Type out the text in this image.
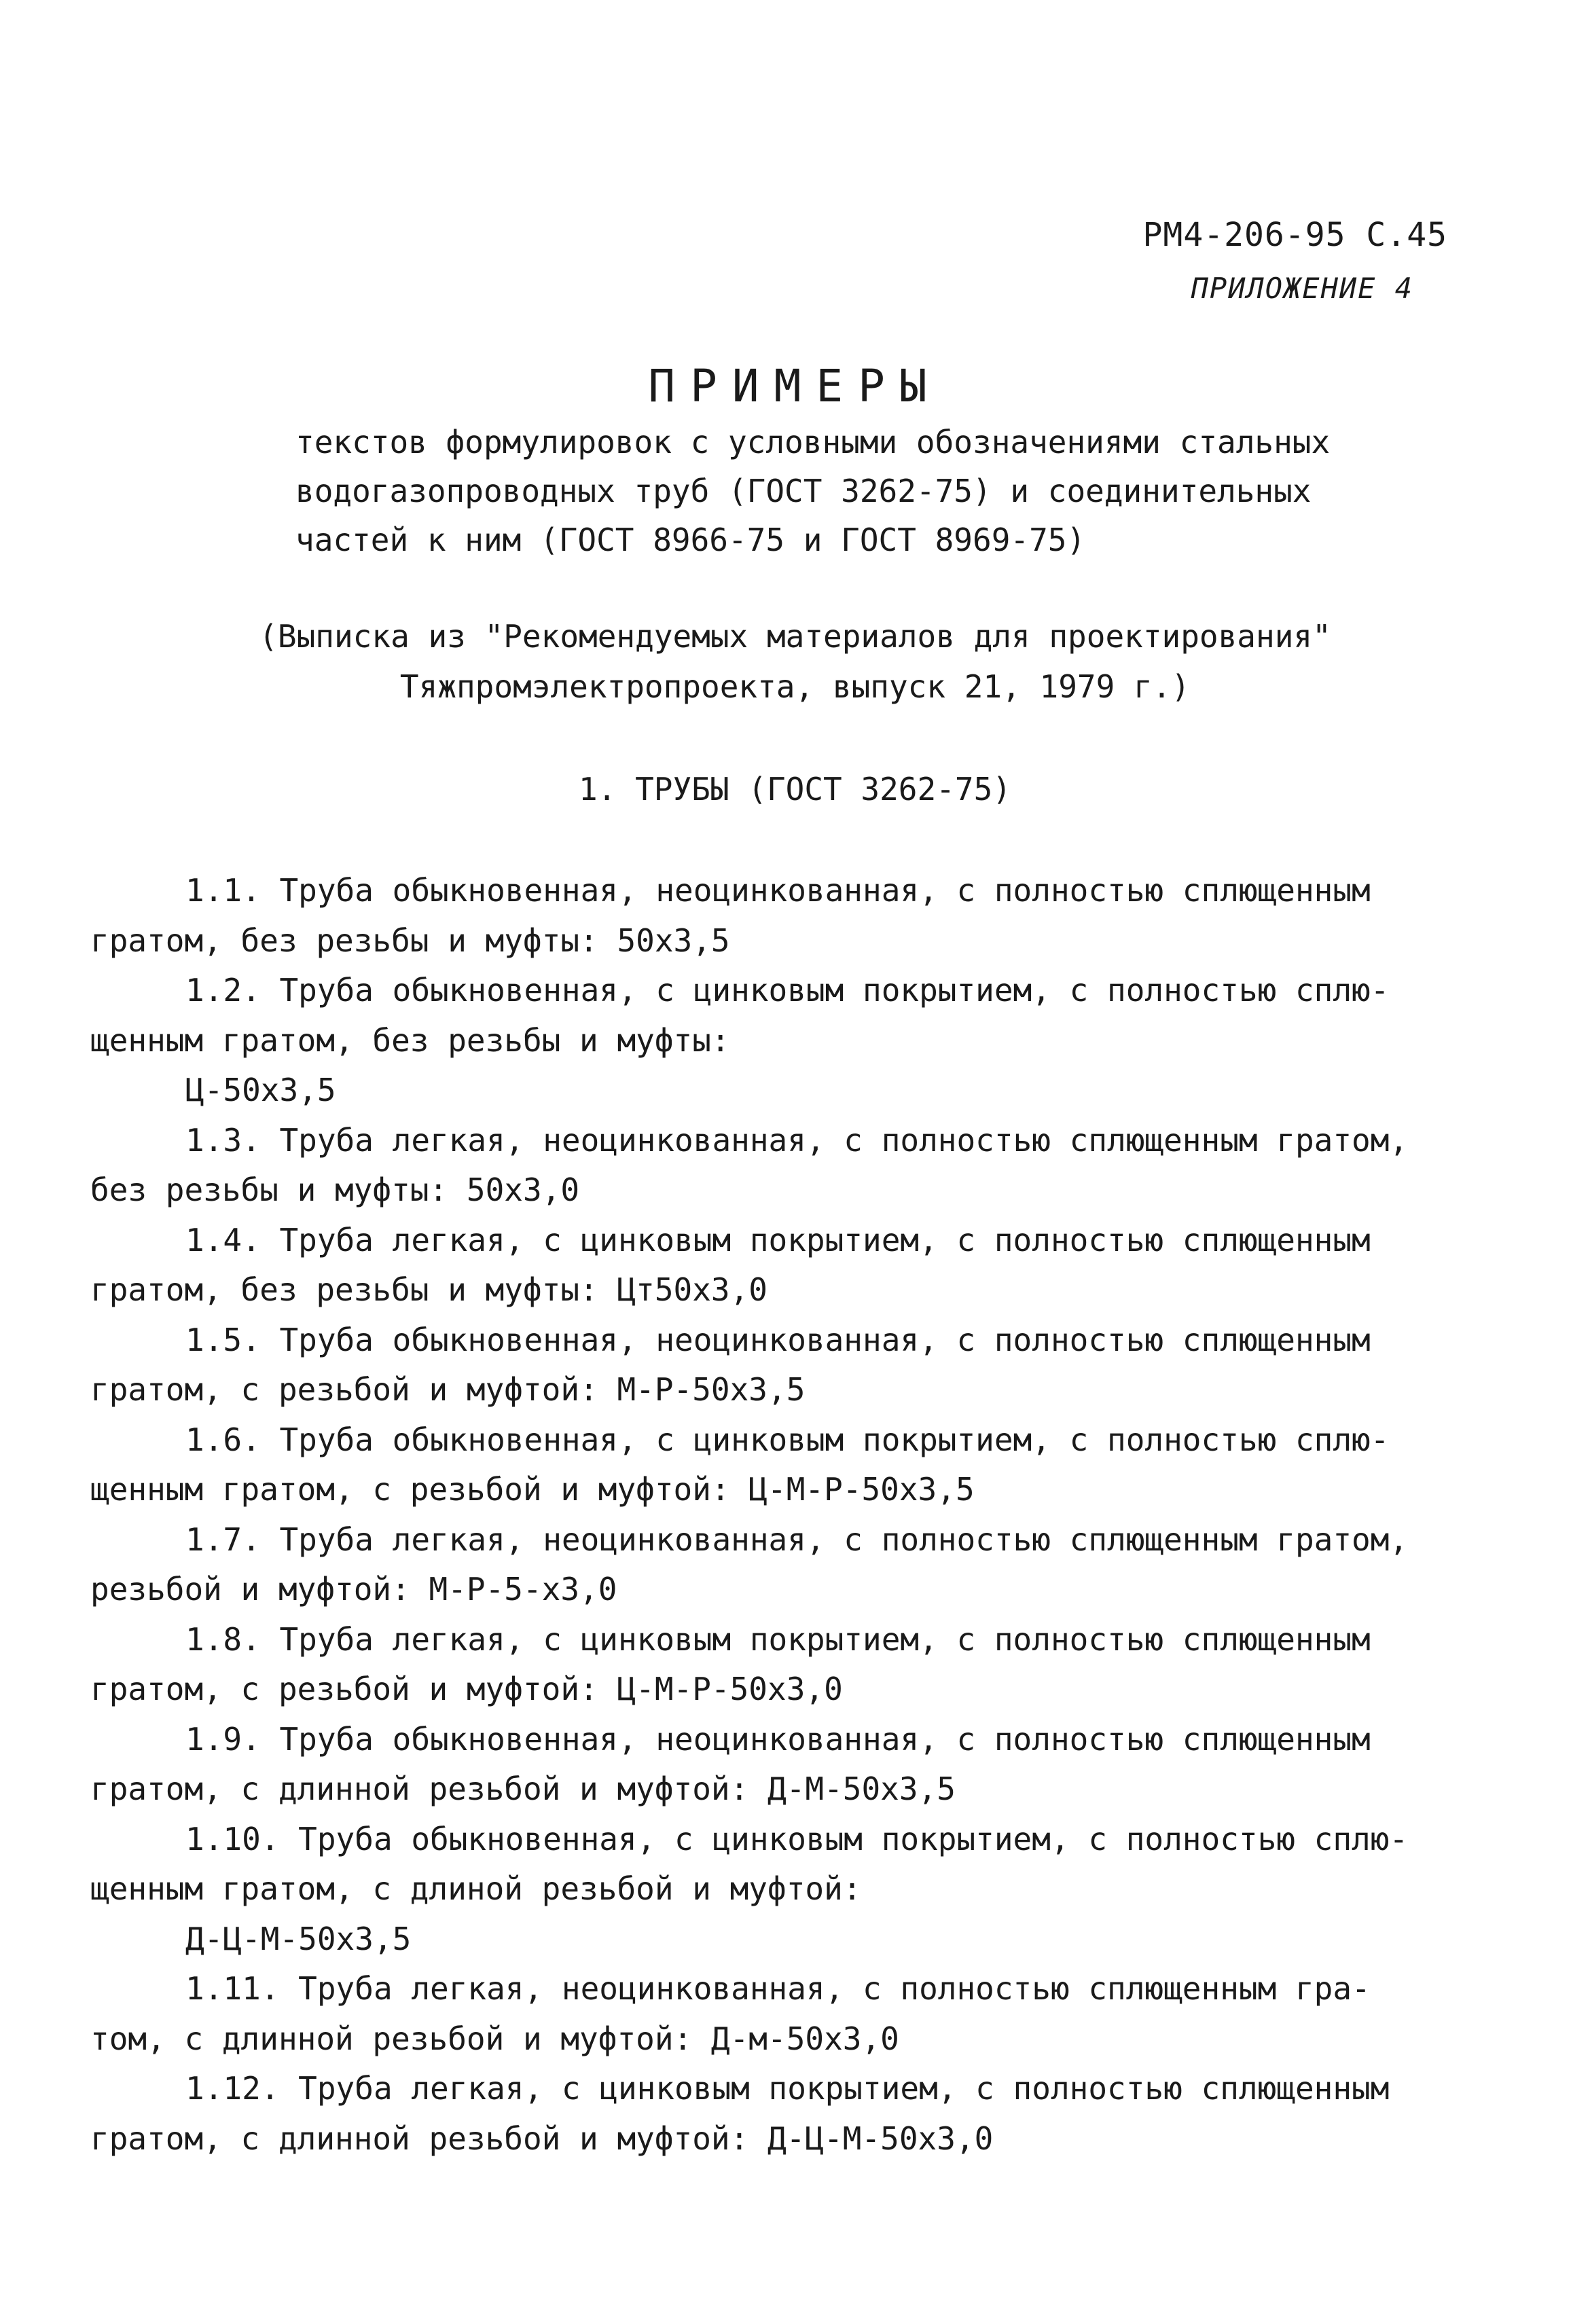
РМ4-206-95 С.45
ПРИЛОЖЕНИЕ 4
ПРИМЕРЫ
текстов формулировок с условными обозначениями стальных
водогазопроводных труб (ГОСТ 3262-75) и соединительных
частей к ним (ГОСТ 8966-75 и ГОСТ 8969-75)
(Выписка из "Рекомендуемых материалов для проектирования"
Тяжпромэлектропроекта, выпуск 21, 1979 г.)
1. ТРУБЫ (ГОСТ 3262-75)
1.1. Труба обыкновенная, неоцинкованная, с полностью сплющенным
гратом, без резьбы и муфты: 50х3,5
1.2. Труба обыкновенная, с цинковым покрытием, с полностью сплю-
щенным гратом, без резьбы и муфты:
Ц-50х3,5
1.3. Труба легкая, неоцинкованная, с полностью сплющенным гратом,
без резьбы и муфты: 50х3,0
1.4. Труба легкая, с цинковым покрытием, с полностью сплющенным
гратом, без резьбы и муфты: Цт50х3,0
1.5. Труба обыкновенная, неоцинкованная, с полностью сплющенным
гратом, с резьбой и муфтой: М-Р-50х3,5
1.6. Труба обыкновенная, с цинковым покрытием, с полностью сплю-
щенным гратом, с резьбой и муфтой: Ц-М-Р-50х3,5
1.7. Труба легкая, неоцинкованная, с полностью сплющенным гратом,
резьбой и муфтой: М-Р-5-х3,0
1.8. Труба легкая, с цинковым покрытием, с полностью сплющенным
гратом, с резьбой и муфтой: Ц-М-Р-50х3,0
1.9. Труба обыкновенная, неоцинкованная, с полностью сплющенным
гратом, с длинной резьбой и муфтой: Д-М-50х3,5
1.10. Труба обыкновенная, с цинковым покрытием, с полностью сплю-
щенным гратом, с длиной резьбой и муфтой:
Д-Ц-М-50х3,5
1.11. Труба легкая, неоцинкованная, с полностью сплющенным гра-
том, с длинной резьбой и муфтой: Д-м-50х3,0
1.12. Труба легкая, с цинковым покрытием, с полностью сплющенным
гратом, с длинной резьбой и муфтой: Д-Ц-М-50х3,0
